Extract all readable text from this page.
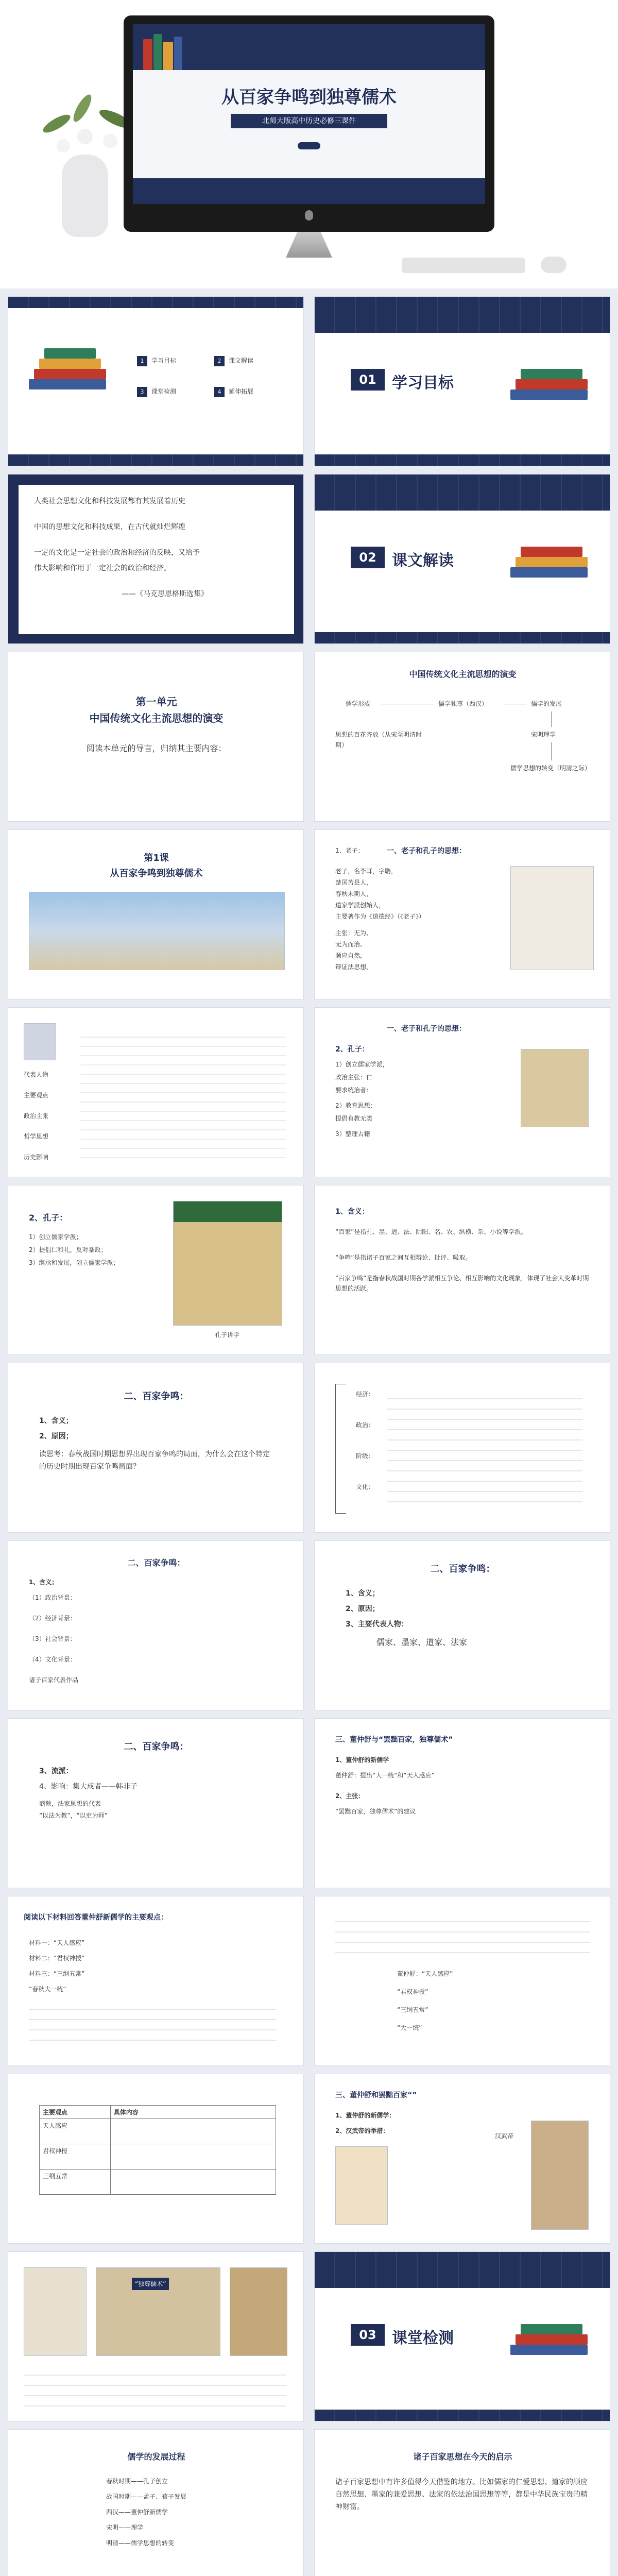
从百家争鸣到独尊儒术
北师大版高中历史必修三课件
1	学习目标	2	课文解读
3	课堂检测	4	延伸拓展
01	学习目标
人类社会思想文化和科技发展都有其发展着历史
中国的思想文化和科技成果，在古代就灿烂辉煌
一定的文化是一定社会的政治和经济的反映，又给予
伟大影响和作用于一定社会的政治和经济。
——《马克思恩格斯选集》
02	课文解读
第一单元
中国传统文化主流思想的演变
阅读本单元的导言，归纳其主要内容：
中国传统文化主流思想的演变
儒学形成	儒学独尊（西汉）	儒学的发展
思想的百花齐放（从宋至明清时期）
宋明理学
儒学思想的转变（明清之际）
第1课
从百家争鸣到独尊儒术
一、老子和孔子的思想：
1、老子：
老子，名李耳，字聃，
楚国苦县人，
春秋末期人，
道家学派创始人，
主要著作为《道德经》（《老子》）
主张：无为、
无为而治、
顺应自然，
辩证法思想，
代表人物
主要观点
政治主张
哲学思想
历史影响
一、老子和孔子的思想：
2、孔子：
1）创立儒家学派，
政治主张：仁
要求统治者：
2）教育思想：
提倡有教无类
3）整理古籍
2、孔子：
1）创立儒家学派；
2）提倡仁和礼，反对暴政；
3）继承和发展，创立儒家学派；
孔子讲学
1、含义：
“百家”是指孔、墨、道、法、阴阳、名、农、纵横、杂、小说等学派。
“争鸣”是指诸子百家之间互相辩论、批评、吸取。
“百家争鸣”是指春秋战国时期各学派相互争论、相互影响的文化现象，体现了社会大变革时期思想的活跃。
二、百家争鸣：
1、含义；
2、原因；
读思考：春秋战国时期思想界出现百家争鸣的局面，为什么会在这个特定的历史时期出现百家争鸣局面？
经济：
政治：
阶级：
文化：
二、百家争鸣：
1、含义；
（1）政治背景：
（2）经济背景：
（3）社会背景：
（4）文化背景：
诸子百家代表作品
二、百家争鸣：
1、含义；
2、原因；
3、主要代表人物：
儒家、墨家、道家、法家
二、百家争鸣：
3、流派：
4、影响：集大成者——韩非子
商鞅，法家思想的代表
“以法为教”，“以吏为师”
三、董仲舒与“罢黜百家，独尊儒术”
1、董仲舒的新儒学
董仲舒：提出“大一统”和“天人感应”
2、主张：
“罢黜百家，独尊儒术”的建议
阅读以下材料回答董仲舒新儒学的主要观点：
材料一：“天人感应”
材料二：“君权神授”
材料三：“三纲五常”
“春秋大一统”
董仲舒：“天人感应”
“君权神授”
“三纲五常”
“大一统”
主要观点	具体内容
天人感应	
君权神授	
三纲五常	
三、董仲舒和罢黜百家“”
1、董仲舒的新儒学：
2、汉武帝的举措：
汉武帝
“独尊儒术”
03	课堂检测
儒学的发展过程
春秋时期——孔子创立
战国时期——孟子、荀子发展
西汉——董仲舒新儒学
宋明——理学
明清——儒学思想的转变
诸子百家思想在今天的启示
诸子百家思想中有许多值得今天借鉴的地方。比如儒家的仁爱思想、道家的顺应自然思想、墨家的兼爱思想、法家的依法治国思想等等，都是中华民族宝贵的精神财富。
